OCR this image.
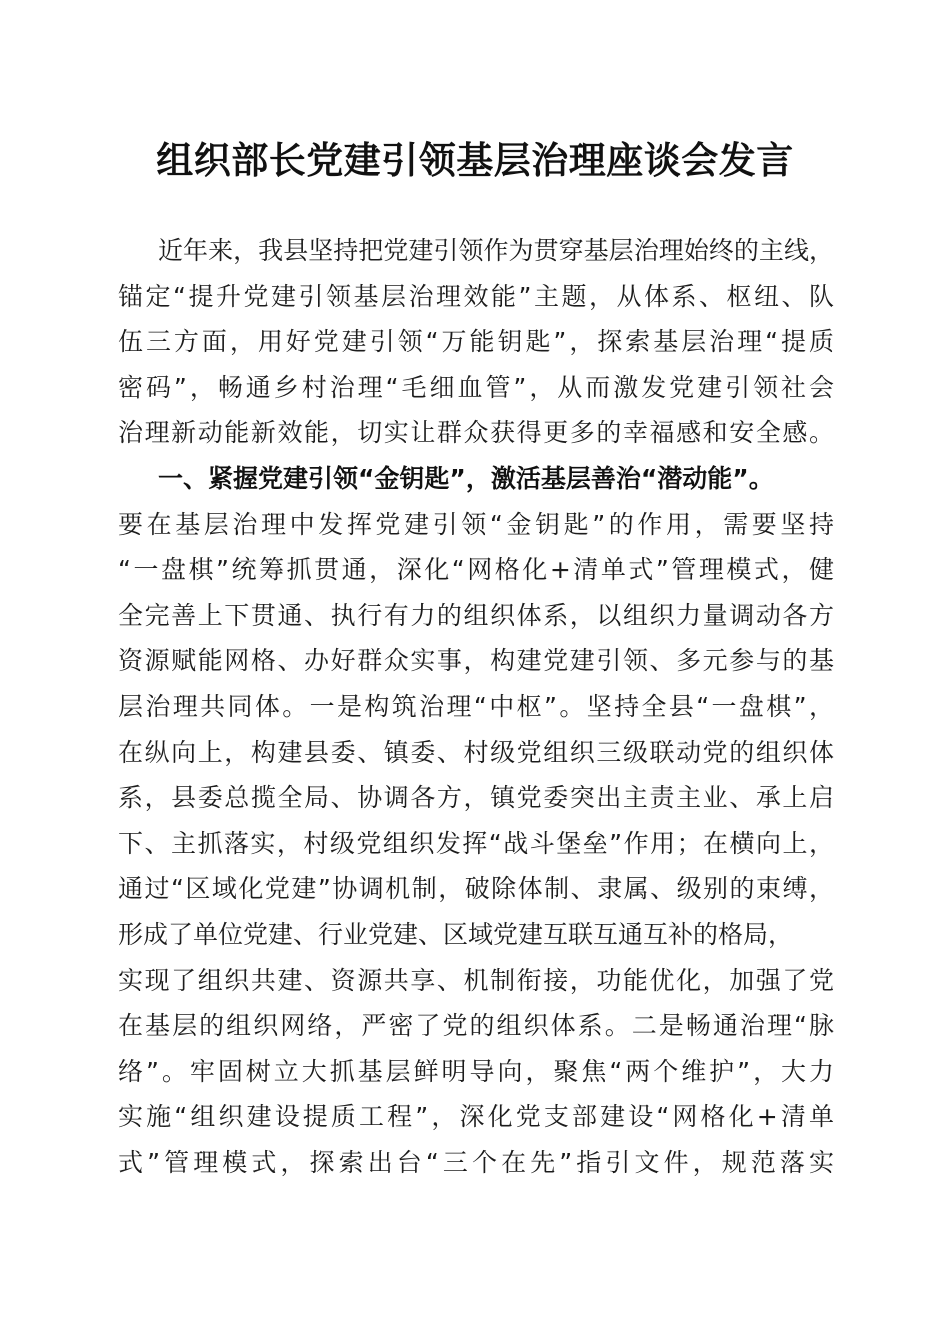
组织部长党建引领基层治理座谈会发言
近年来，我县坚持把党建引领作为贯穿基层治理始终的主线，
锚定“提升党建引领基层治理效能”主题，从体系、枢纽、队
伍三方面，用好党建引领“万能钥匙”，探索基层治理“提质
密码”，畅通乡村治理“毛细血管”，从而激发党建引领社会
治理新动能新效能，切实让群众获得更多的幸福感和安全感。
一、紧握党建引领“金钥匙”，激活基层善治“潜动能”。
要在基层治理中发挥党建引领“金钥匙”的作用，需要坚持
“一盘棋”统筹抓贯通，深化“网格化+清单式”管理模式，健
全完善上下贯通、执行有力的组织体系，以组织力量调动各方
资源赋能网格、办好群众实事，构建党建引领、多元参与的基
层治理共同体。一是构筑治理“中枢”。坚持全县“一盘棋”，
在纵向上，构建县委、镇委、村级党组织三级联动党的组织体
系，县委总揽全局、协调各方，镇党委突出主责主业、承上启
下、主抓落实，村级党组织发挥“战斗堡垒”作用；在横向上，
通过“区域化党建”协调机制，破除体制、隶属、级别的束缚，
形成了单位党建、行业党建、区域党建互联互通互补的格局，
实现了组织共建、资源共享、机制衔接，功能优化，加强了党
在基层的组织网络，严密了党的组织体系。二是畅通治理“脉
络”。牢固树立大抓基层鲜明导向，聚焦“两个维护”，大力
实施“组织建设提质工程”，深化党支部建设“网格化+清单
式”管理模式，探索出台“三个在先”指引文件，规范落实
